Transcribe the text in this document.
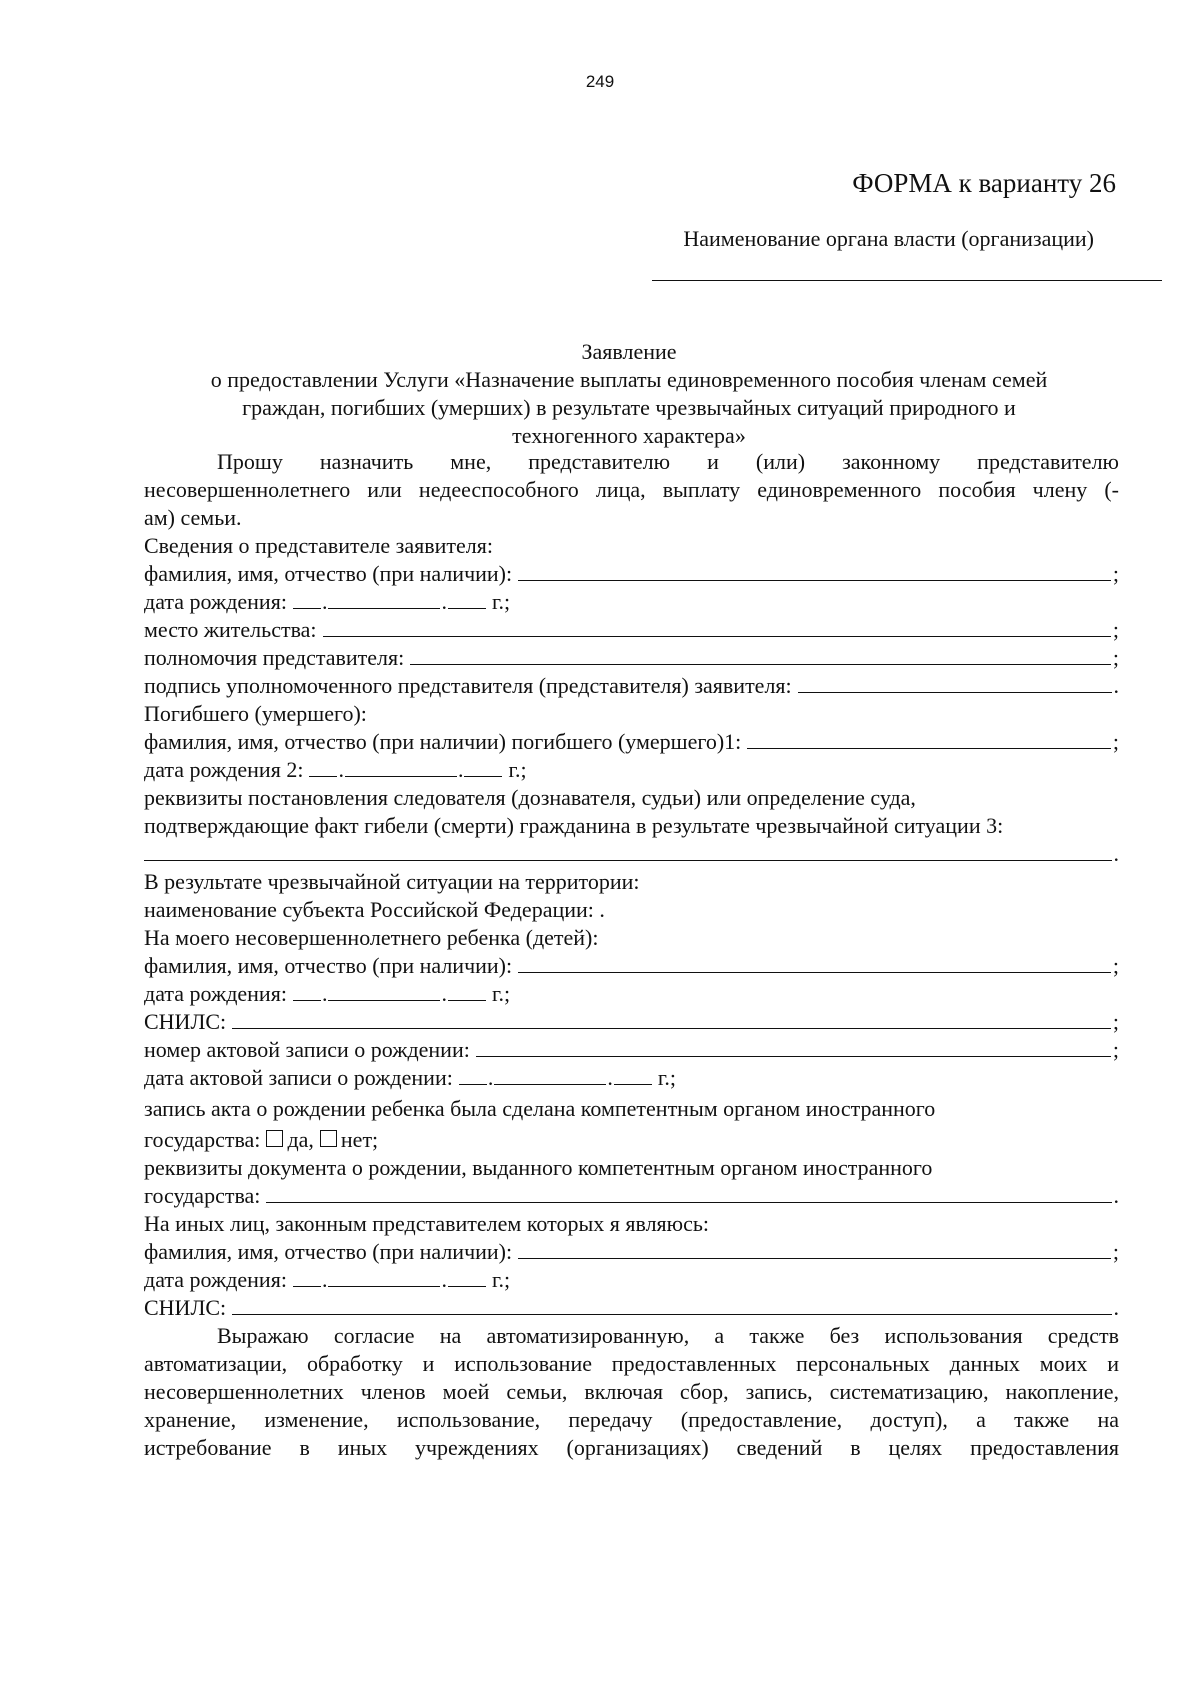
249
ФОРМА к варианту 26
Наименование органа власти (организации)
Заявление
о предоставлении Услуги «Назначение выплаты единовременного пособия членам семей
граждан, погибших (умерших) в результате чрезвычайных ситуаций природного и
техногенного характера»
Прошу назначить мне, представителю и (или) законному представителю
несовершеннолетнего или недееспособного лица, выплату единовременного пособия члену (-
ам) семьи.
Сведения о представителе заявителя:
фамилия, имя, отчество (при наличии):	;
дата рождения: .	. г.;
место жительства:	;
полномочия представителя:	;
подпись уполномоченного представителя (представителя) заявителя:	.
Погибшего (умершего):
фамилия, имя, отчество (при наличии) погибшего (умершего)1:	;
дата рождения 2: .	. г.;
реквизиты постановления следователя (дознавателя, судьи) или определение суда,
подтверждающие факт гибели (смерти) гражданина в результате чрезвычайной ситуации 3:
.
В результате чрезвычайной ситуации на территории:
наименование субъекта Российской Федерации: .
На моего несовершеннолетнего ребенка (детей):
фамилия, имя, отчество (при наличии):	;
дата рождения: .	. г.;
СНИЛС:	;
номер актовой записи о рождении:	;
дата актовой записи о рождении: .	. г.;
запись акта о рождении ребенка была сделана компетентным органом иностранного
государства: да, нет;
реквизиты документа о рождении, выданного компетентным органом иностранного
государства:	.
На иных лиц, законным представителем которых я являюсь:
фамилия, имя, отчество (при наличии):	;
дата рождения: .	. г.;
СНИЛС:	.
Выражаю согласие на автоматизированную, а также без использования средств
автоматизации, обработку и использование предоставленных персональных данных моих и
несовершеннолетних членов моей семьи, включая сбор, запись, систематизацию, накопление,
хранение, изменение, использование, передачу (предоставление, доступ), а также на
истребование в иных учреждениях (организациях) сведений в целях предоставления
